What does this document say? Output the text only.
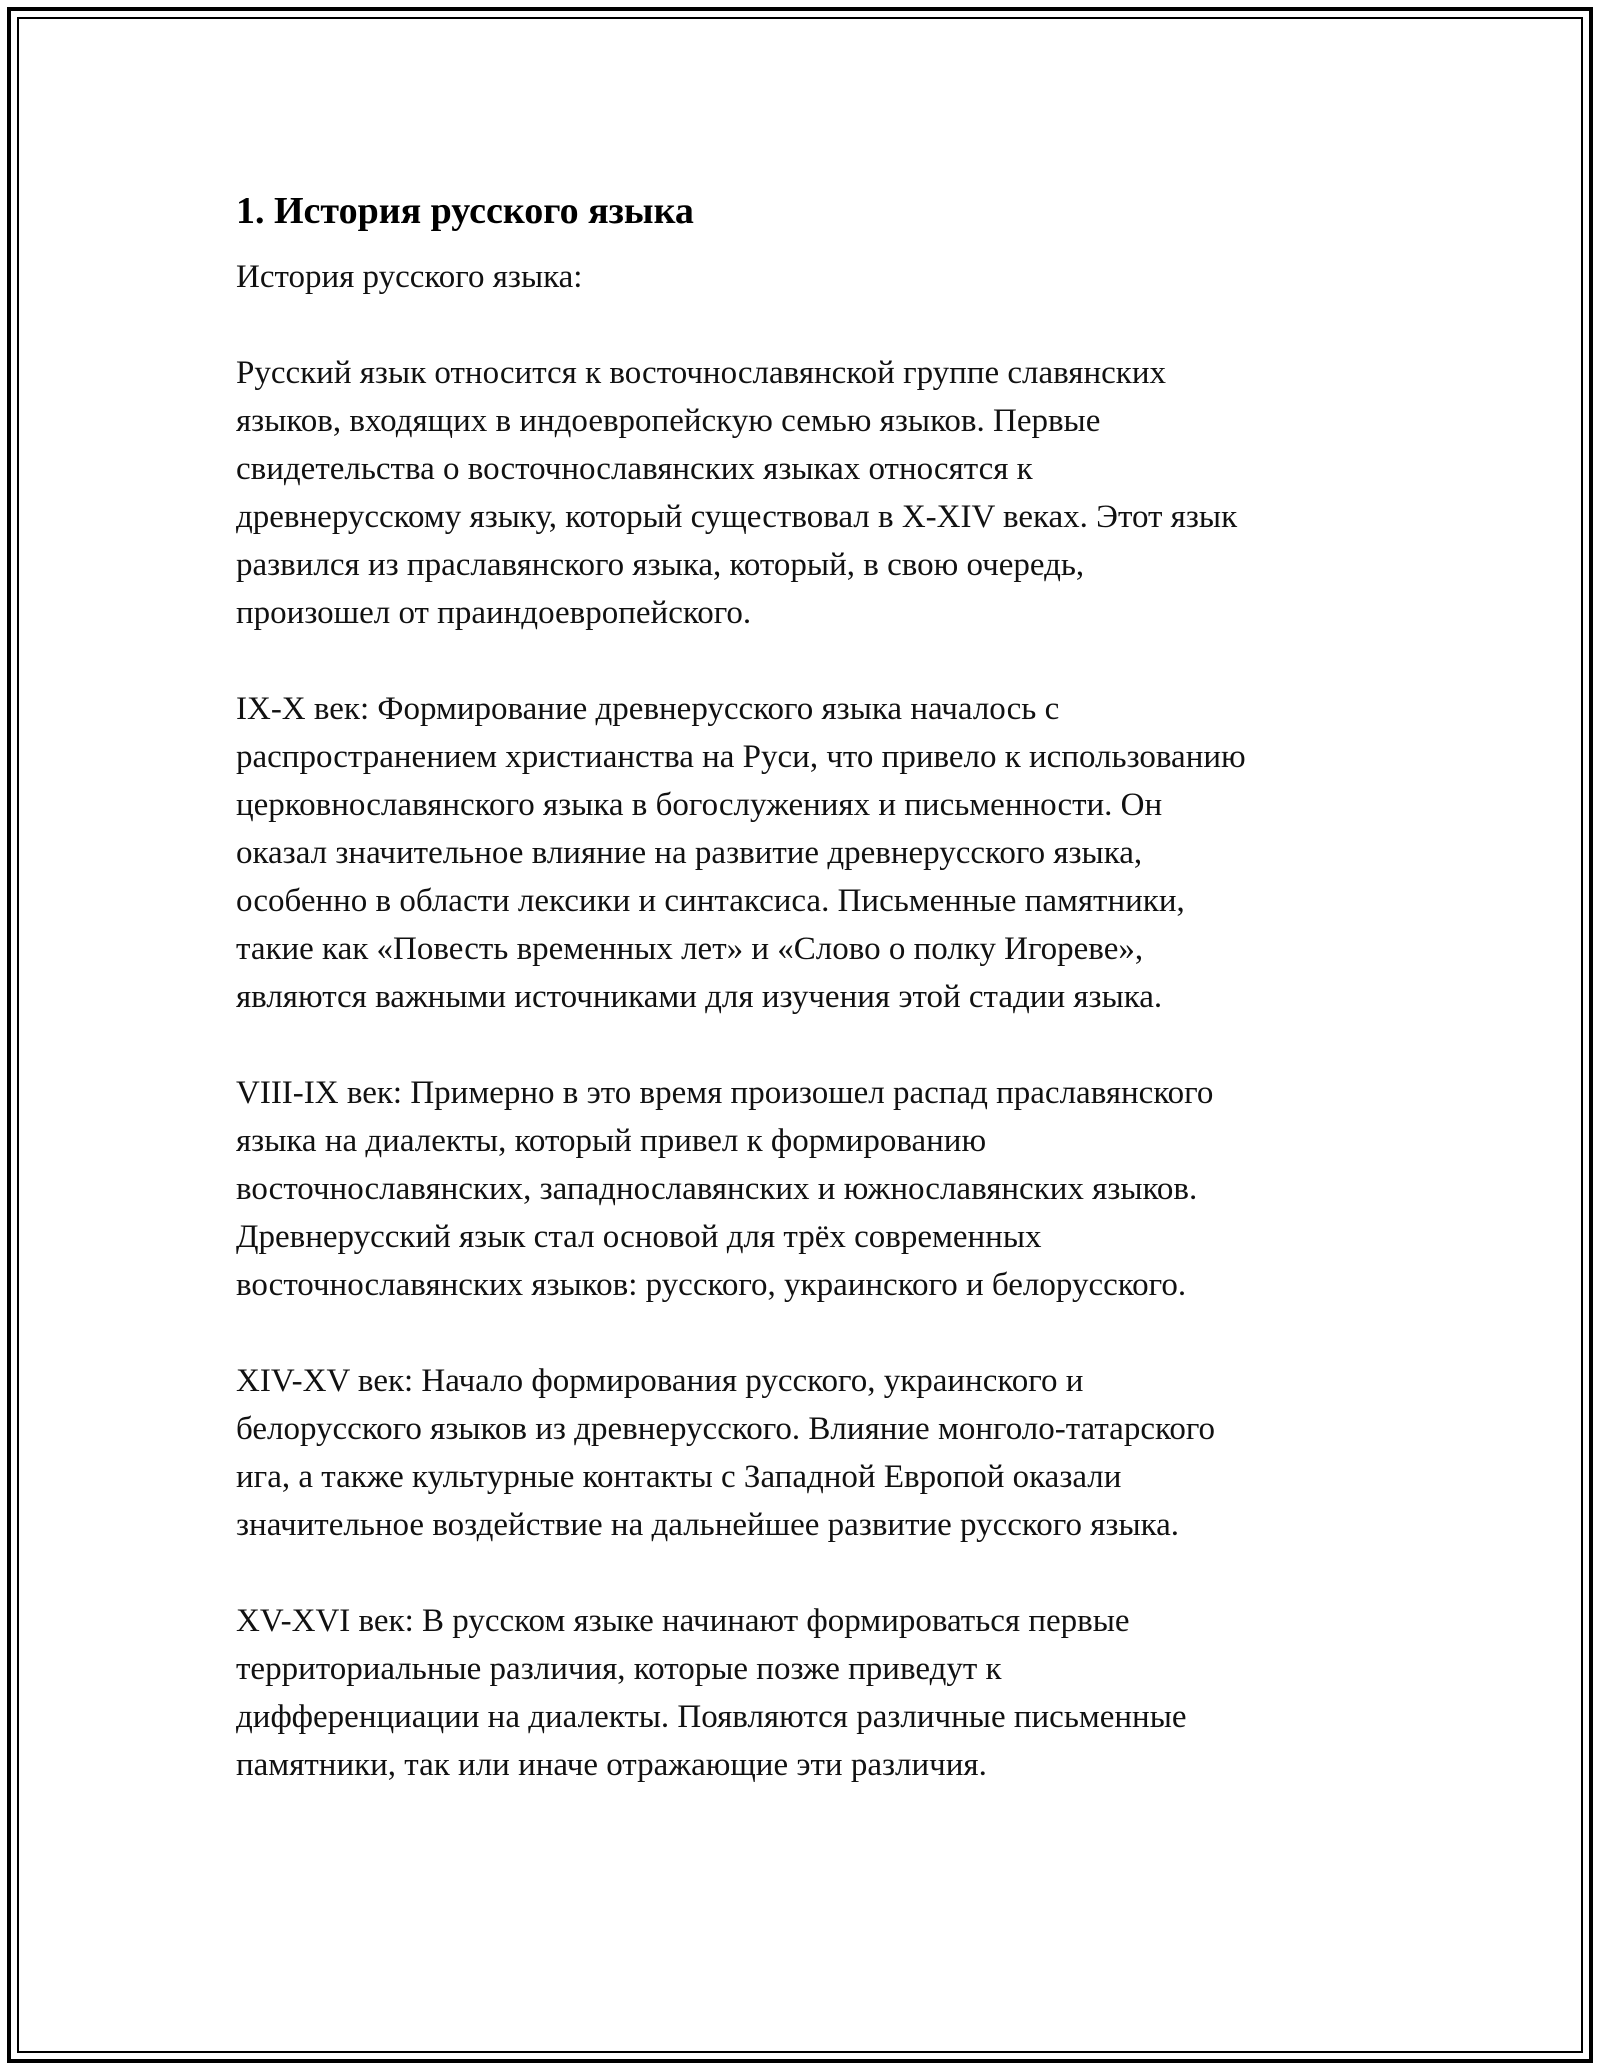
1. История русского языка

История русского языка:

Русский язык относится к восточнославянской группе славянских
языков, входящих в индоевропейскую семью языков. Первые
свидетельства о восточнославянских языках относятся к
древнерусскому языку, который существовал в X-XIV веках. Этот язык
развился из праславянского языка, который, в свою очередь,
произошел от праиндоевропейского.

IX-X век: Формирование древнерусского языка началось с
распространением христианства на Руси, что привело к использованию
церковнославянского языка в богослужениях и письменности. Он
оказал значительное влияние на развитие древнерусского языка,
особенно в области лексики и синтаксиса. Письменные памятники,
такие как «Повесть временных лет» и «Слово о полку Игореве»,
являются важными источниками для изучения этой стадии языка.

VIII-IX век: Примерно в это время произошел распад праславянского
языка на диалекты, который привел к формированию
восточнославянских, западнославянских и южнославянских языков.
Древнерусский язык стал основой для трёх современных
восточнославянских языков: русского, украинского и белорусского.

XIV-XV век: Начало формирования русского, украинского и
белорусского языков из древнерусского. Влияние монголо-татарского
ига, а также культурные контакты с Западной Европой оказали
значительное воздействие на дальнейшее развитие русского языка.

XV-XVI век: В русском языке начинают формироваться первые
территориальные различия, которые позже приведут к
дифференциации на диалекты. Появляются различные письменные
памятники, так или иначе отражающие эти различия.
